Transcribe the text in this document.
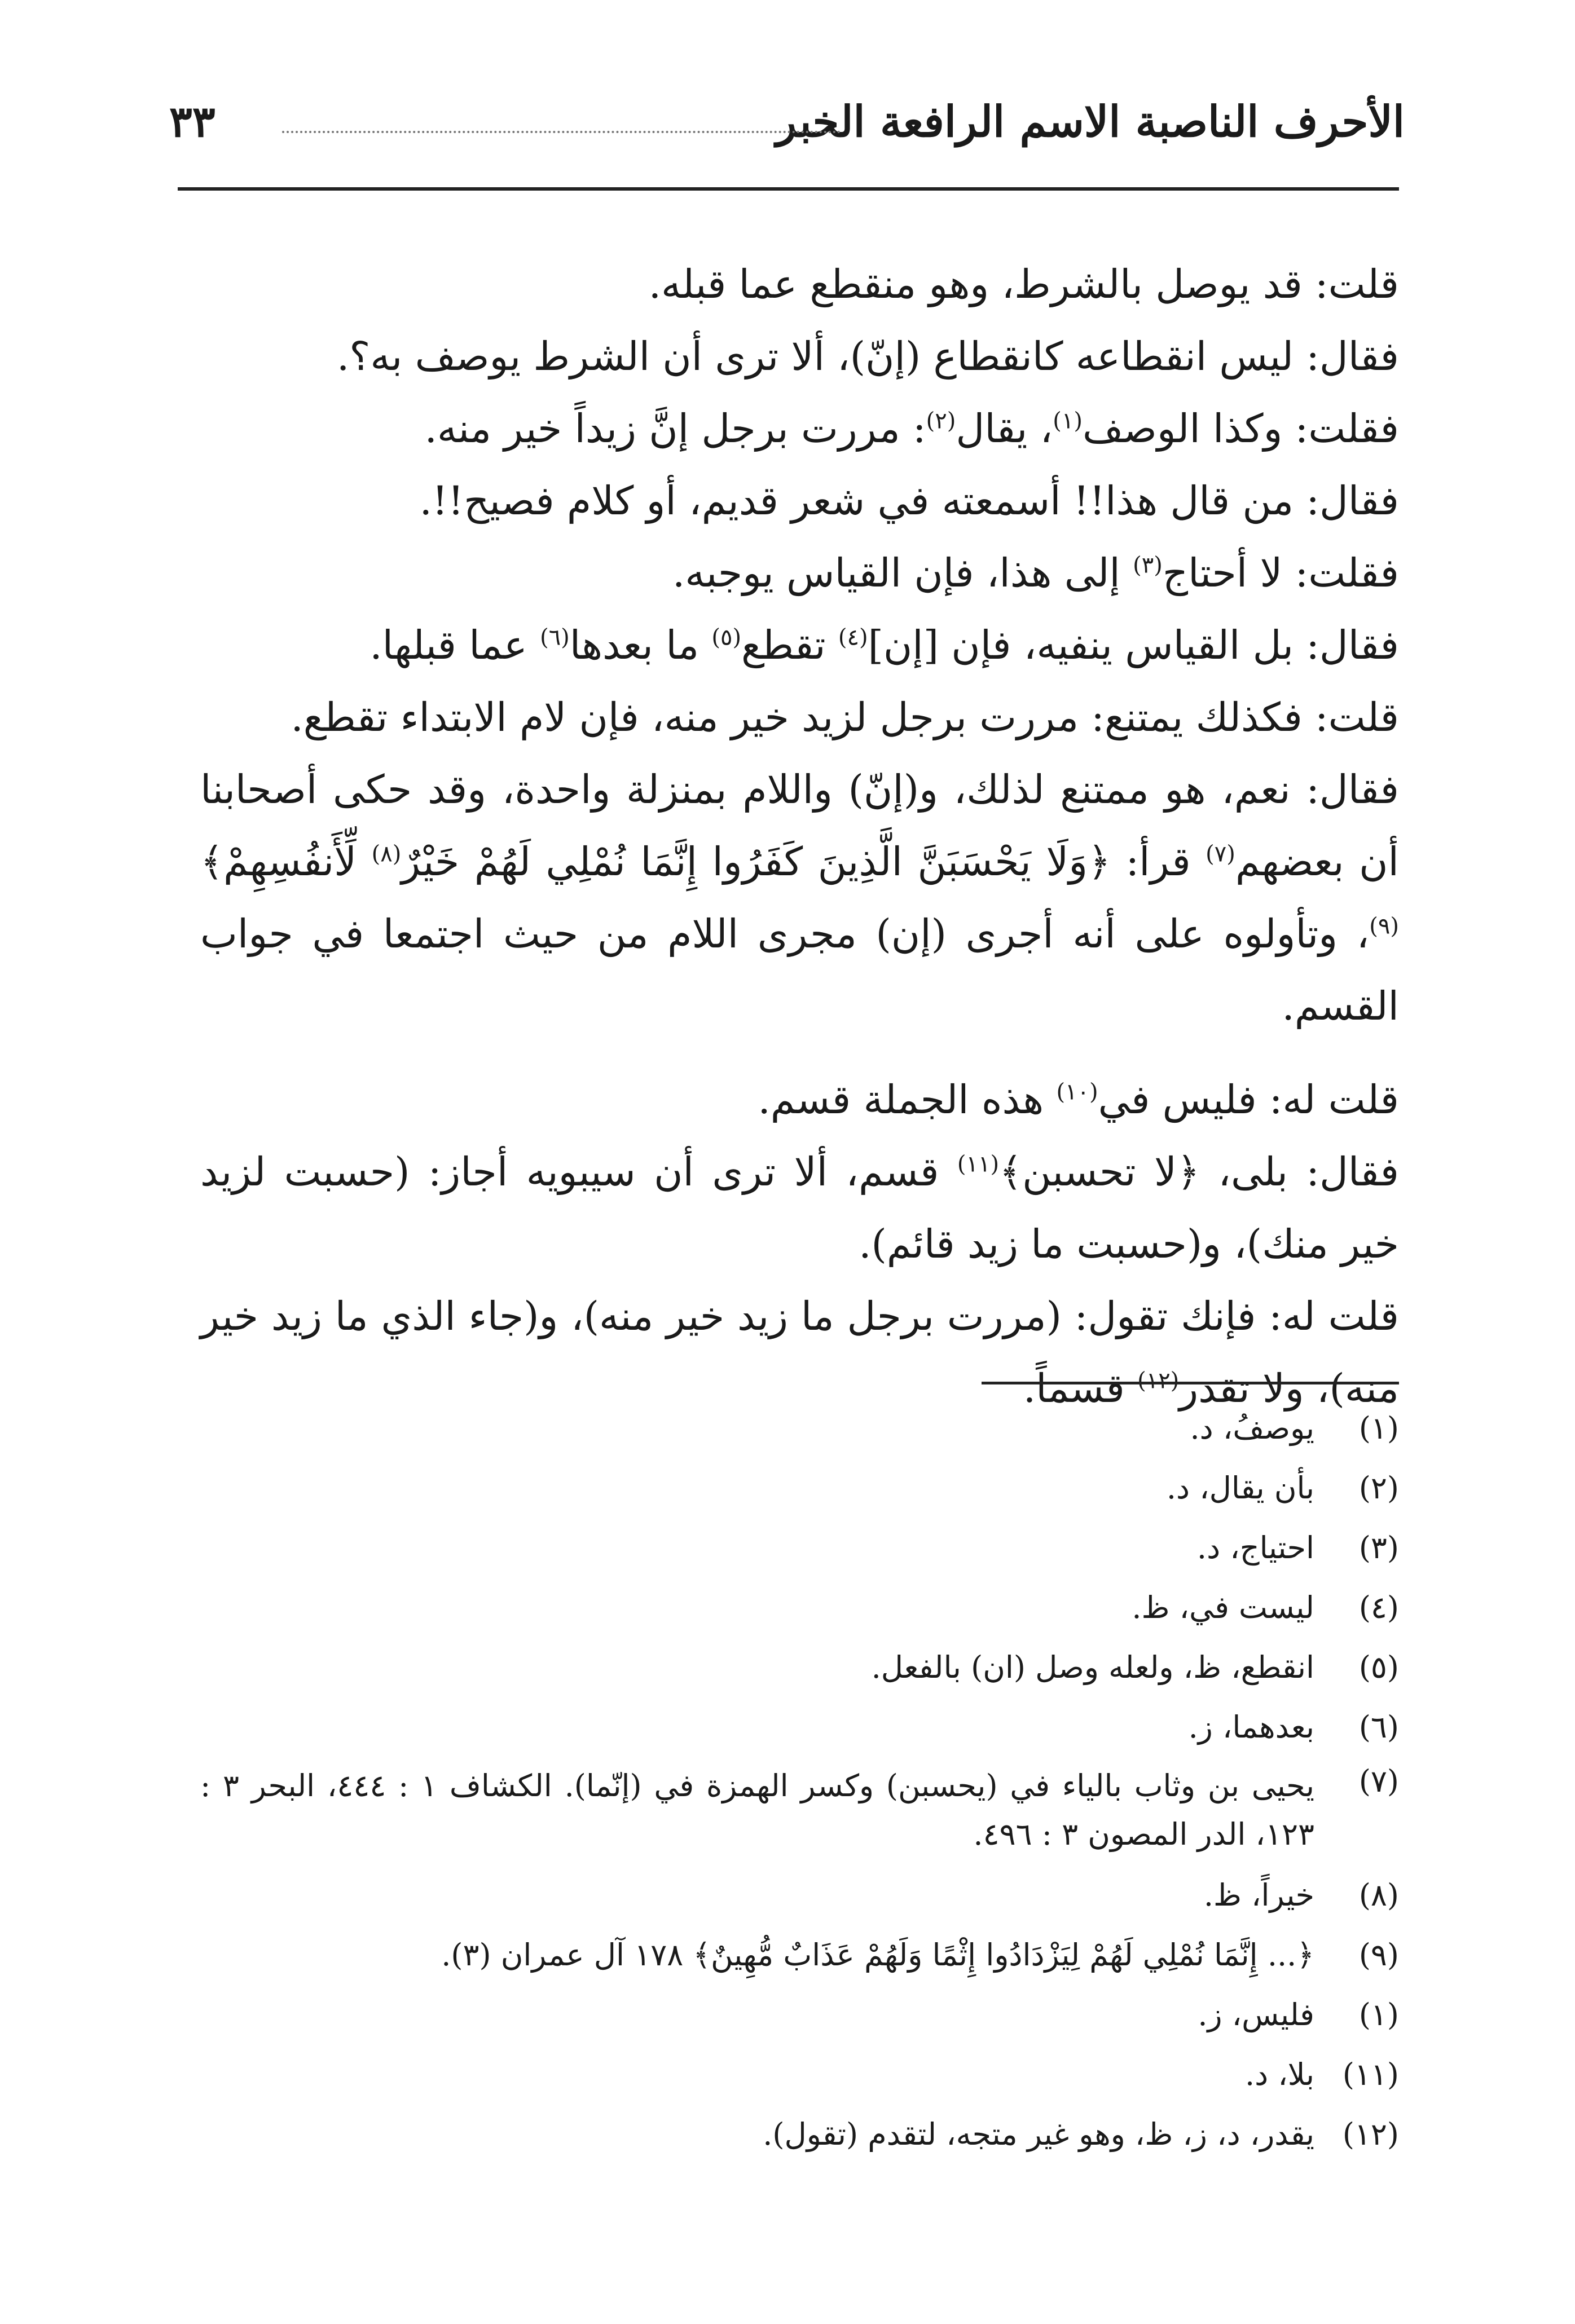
الأحرف الناصبة الاسم الرافعة الخبر
٣٣

قلت: قد يوصل بالشرط، وهو منقطع عما قبله.

فقال: ليس انقطاعه كانقطاع (إنّ)، ألا ترى أن الشرط يوصف به؟.

فقلت: وكذا الوصف$^{(١)}$، يقال$^{(٢)}$: مررت برجل إنَّ زيداً خير منه.

فقال: من قال هذا!! أسمعته في شعر قديم، أو كلام فصيح!!.

فقلت: لا أحتاج$^{(٣)}$ إلى هذا، فإن القياس يوجبه.

فقال: بل القياس ينفيه، فإن [إن]$^{(٤)}$ تقطع$^{(٥)}$ ما بعدها$^{(٦)}$ عما قبلها.

قلت: فكذلك يمتنع: مررت برجل لزيد خير منه، فإن لام الابتداء تقطع.

فقال: نعم، هو ممتنع لذلك، و(إنّ) واللام بمنزلة واحدة، وقد حكى أصحابنا أن بعضهم$^{(٧)}$ قرأ: ﴿وَلَا يَحْسَبَنَّ الَّذِينَ كَفَرُوا إِنَّمَا نُمْلِي لَهُمْ خَيْرٌ$^{(٨)}$ لِّأَنفُسِهِمْ﴾$^{(٩)}$، وتأولوه على أنه أجرى (إن) مجرى اللام من حيث اجتمعا في جواب القسم.

قلت له: فليس في$^{(١٠)}$ هذه الجملة قسم.

فقال: بلى، ﴿لا تحسبن﴾$^{(١١)}$ قسم، ألا ترى أن سيبويه أجاز: (حسبت لزيد خير منك)، و(حسبت ما زيد قائم).

قلت له: فإنك تقول: (مررت برجل ما زيد خير منه)، و(جاء الذي ما زيد خير منه)، ولا تقدر$^{(١٢)}$ قسماً.

(١)
يوصفُ، د.
(٢)
بأن يقال، د.
(٣)
احتياج، د.
(٤)
ليست في، ظ.
(٥)
انقطع، ظ، ولعله وصل (ان) بالفعل.
(٦)
بعدهما، ز.
(٧)
يحيى بن وثاب بالياء في (يحسبن) وكسر الهمزة في (إنّما). الكشاف ١ : ٤٤٤، البحر ٣ : ١٢٣، الدر المصون ٣ : ٤٩٦.
(٨)
خيراً، ظ.
(٩)
﴿... إِنَّمَا نُمْلِي لَهُمْ لِيَزْدَادُوا إِثْمًا وَلَهُمْ عَذَابٌ مُّهِينٌ﴾ ١٧٨ آل عمران (٣).
(١)
فليس، ز.
(١١)
بلا، د.
(١٢)
يقدر، د، ز، ظ، وهو غير متجه، لتقدم (تقول).
